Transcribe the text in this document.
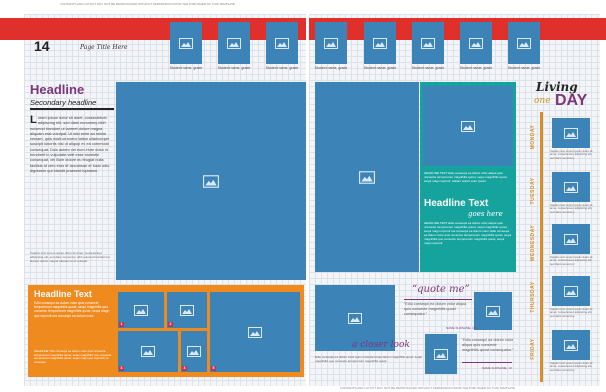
CONTENTS AND LAYOUT MAY NOT BE REPRODUCED WITHOUT PERMISSION FROM THE PUBLISHER OF THIS TEMPLATE
14	Page Title Here
Student name, grade	Student name, grade	Student name, grade	Student name, grade	Student name, grade	Student name, grade	Student name, grade	Student name, grade
Headline
Secondary headline
L orem ipsum dolor sit amet, consectetuer adipiscing elit, sed diam nonummy nibh euismod tincidunt ut laoreet dolore magna aliquam erat volutpat. Ut wisi enim ad minim veniam, quis nostrud exerci tation ullamcorper suscipit lobortis nisl ut aliquip ex ea commodo consequat. Duis autem vel eum iriure dolor in hendrerit in vulputate velit esse molestie consequat, vel illum dolore eu feugiat nulla facilisis at vero eros et accumsan et iusto odio dignissim qui blandit praesent luptatum.
Caption text Lorem ipsum dolor sit amet, consectetuer adipiscing elit, sed diam nonummy nibh euismod tincidunt ut laoreet dolore magna aliquam erat volutpat.
Headline Text
Ediu consequi ea dolum volor quis nonsecte temporerum magnihilis quost, sequi magnihilis quo consectu temporerum magnihilis quost, sequi magn quo reprovit ma consequi ea dolum volor.
HEADLINE This consequi ea dolum volor quis nonsecte temporerum magnihilis quost, sequi magnihilis quo consectu temporerum magnihilis quost, sequi magn quo reprovit ma consequi.
1	2
3	4	5
HEADLINE TEXT Ediu consequi ea dolum volor aliqua quis nonsecte temporerum magnihilis quost, sequi magnihilis quost, sequi magn reprovit. Iodiam volorit volor ipsum.
Headline Text
goes here
HEADLINE TEXT Ediu consequi ea dolum volor aliqua quis nonsecte temporerum magnihilis quost, sequi magnihilis quost, sequi magn reprovit ma consequi ea dolum volor. Ediu consequi ea dolum volor quis nonsecte temporerum magnihilis quost, sequi magnihilis quo consectu temporerum magnihilis quost, sequi magn reprovit.
a closer look
Ediu consequi ea dolum volor quis nonsecte temporerum magnihilis quost, sequi magnihilis quo consectu temporerum magnihilis quost.
“quote me”
“Ediu consequi ea dolum volor aliqua quis nonsecte magnihilis quost consequatur.”
NAME SURNAME, 10
“Ediu consequi ea dolum volor aliqua quis nonsecte magnihilis quost consequatur.”
NAME SURNAME, 10
Living
one DAY
MONDAY
Caption text Lorem ipsum dolor sit amet, consectetuer adipiscing elit, sed diam nonummy.
TUESDAY
Caption text Lorem ipsum dolor sit amet, consectetuer adipiscing elit, sed diam nonummy.
WEDNESDAY	Caption text Lorem ipsum dolor sit amet, consectetuer adipiscing elit, sed diam nonummy.
THURSDAY	Caption text Lorem ipsum dolor sit amet, consectetuer adipiscing elit, sed diam nonummy.
FRIDAY
Caption text Lorem ipsum dolor sit amet, consectetuer adipiscing elit, sed diam nonummy.
CONTENTS AND LAYOUT MAY NOT BE REPRODUCED WITHOUT PERMISSION FROM THE PUBLISHER OF THIS TEMPLATE
